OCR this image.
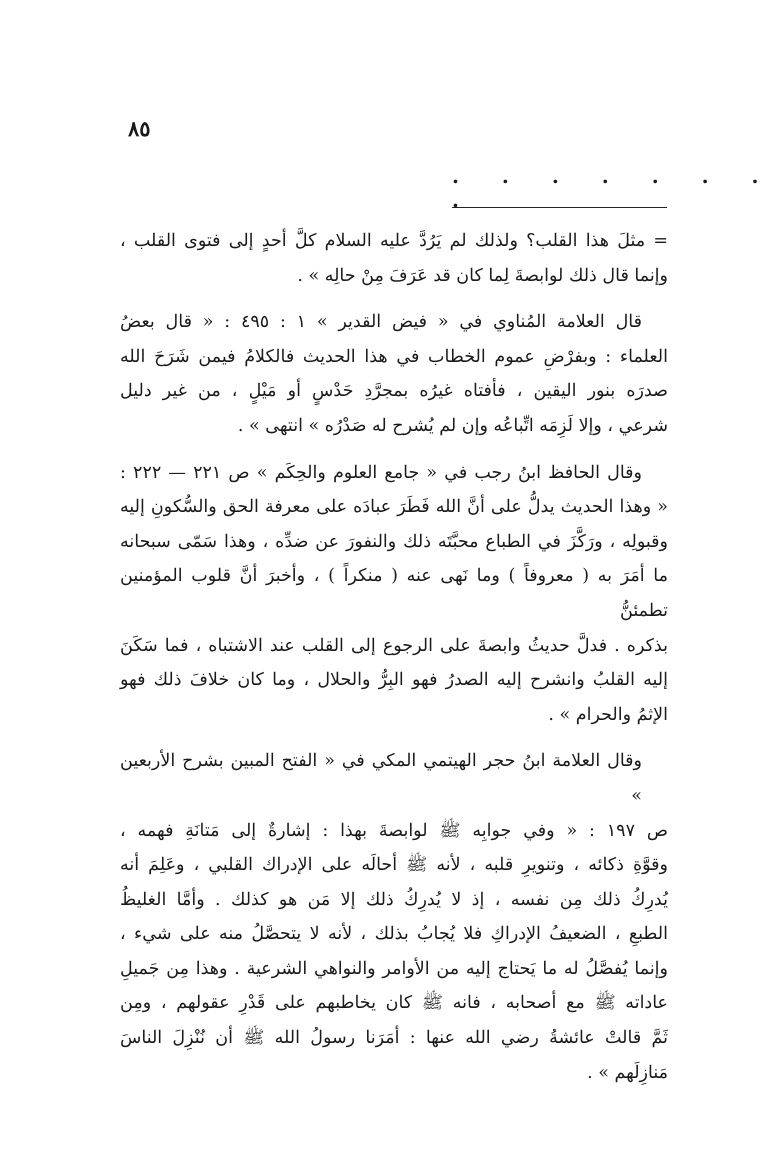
٨٥
. . . . . . . .

= مثلَ هذا القلب؟ ولذلك لم يَرُدَّ عليه السلام كلَّ أحدٍ إلى فتوى القلب ،
وإنما قال ذلك لوابصةَ لِما كان قد عَرَفَ مِنْ حالِه » .

قال العلامة المُناوي في « فيض القدير » ١ : ٤٩٥ : « قال بعضُ
العلماء : وبفرْضِ عموم الخطاب في هذا الحديث فالكلامُ فيمن شَرَحَ الله
صدرَه بنور اليقين ، فأفتاه غيرُه بمجرَّدِ حَدْسٍ أو مَيْلٍ ، من غير دليل
شرعي ، وإلا لَزِمَه اتِّباعُه وإن لم يُشرح له صَدْرُه » انتهى » .

وقال الحافظ ابنُ رجب في « جامع العلوم والحِكَم » ص ٢٢١ — ٢٢٢ :
« وهذا الحديث يدلُّ على أنَّ الله فَطَرَ عبادَه على معرفة الحق والسُّكونِ إليه
وقبولِه ، ورَكَّزَ في الطباع محبَّتَه ذلك والنفورَ عن ضدِّه ، وهذا سَمّى سبحانه
ما أمَرَ به ( معروفاً ) وما نَهى عنه ( منكراً ) ، وأخبرَ أنَّ قلوب المؤمنين تطمئنُّ
بذكره . فدلَّ حديثُ وابصةَ على الرجوع إلى القلب عند الاشتباه ، فما سَكَنَ
إليه القلبُ وانشرح إليه الصدرُ فهو البِرُّ والحلال ، وما كان خلافَ ذلك فهو
الإثمُ والحرام » .

وقال العلامة ابنُ حجر الهيتمي المكي في « الفتح المبين بشرح الأربعين »
ص ١٩٧ : « وفي جوابِه ﷺ لوابصةَ بهذا : إشارةٌ إلى مَتانَةِ فهمه ،
وقوَّةِ ذكائه ، وتنويرِ قلبه ، لأنه ﷺ أحالَه على الإدراك القلبي ، وعَلِمَ أنه
يُدرِكُ ذلك مِن نفسه ، إذ لا يُدرِكُ ذلك إلا مَن هو كذلك . وأمَّا الغليظُ
الطبعِ ، الضعيفُ الإدراكِ فلا يُجابُ بذلك ، لأنه لا يتحصَّلُ منه على شيء ،
وإنما يُفصَّلُ له ما يَحتاج إليه من الأوامر والنواهي الشرعية . وهذا مِن جَميلِ
عاداته ﷺ مع أصحابه ، فانه ﷺ كان يخاطبهم على قَدْرِ عقولهم ، ومِن
ثَمَّ قالتْ عائشةُ رضي الله عنها : أمَرَنا رسولُ الله ﷺ أن نُنْزِلَ الناسَ
مَنازِلَهم » .
